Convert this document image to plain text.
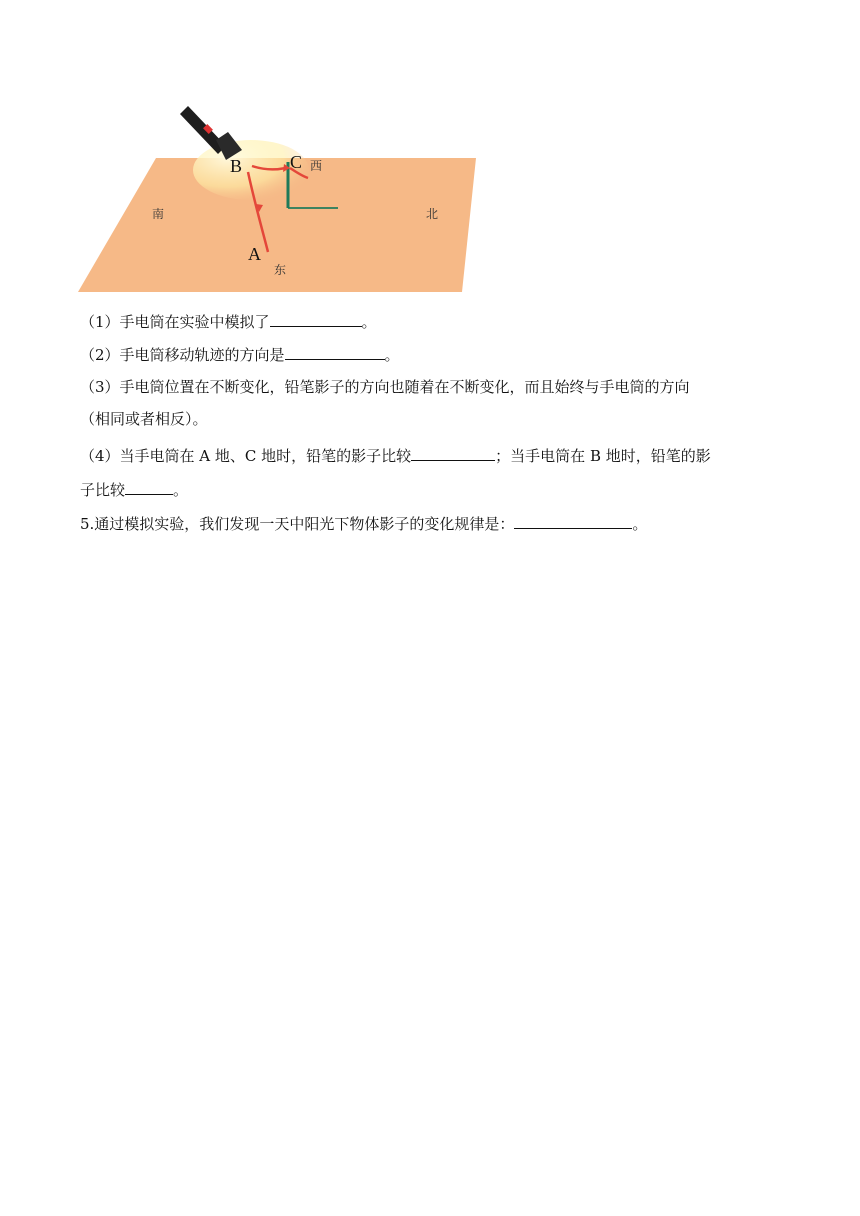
B	C
A
西
东
南	北
（1）手电筒在实验中模拟了	。
（2）手电筒移动轨迹的方向是	。
（3）手电筒位置在不断变化，铅笔影子的方向也随着在不断变化，而且始终与手电筒的方向
（相同或者相反）。
（4）当手电筒在 A 地、C 地时，铅笔的影子比较	；当手电筒在 B 地时，铅笔的影
子比较	。
5.通过模拟实验，我们发现一天中阳光下物体影子的变化规律是：	。
